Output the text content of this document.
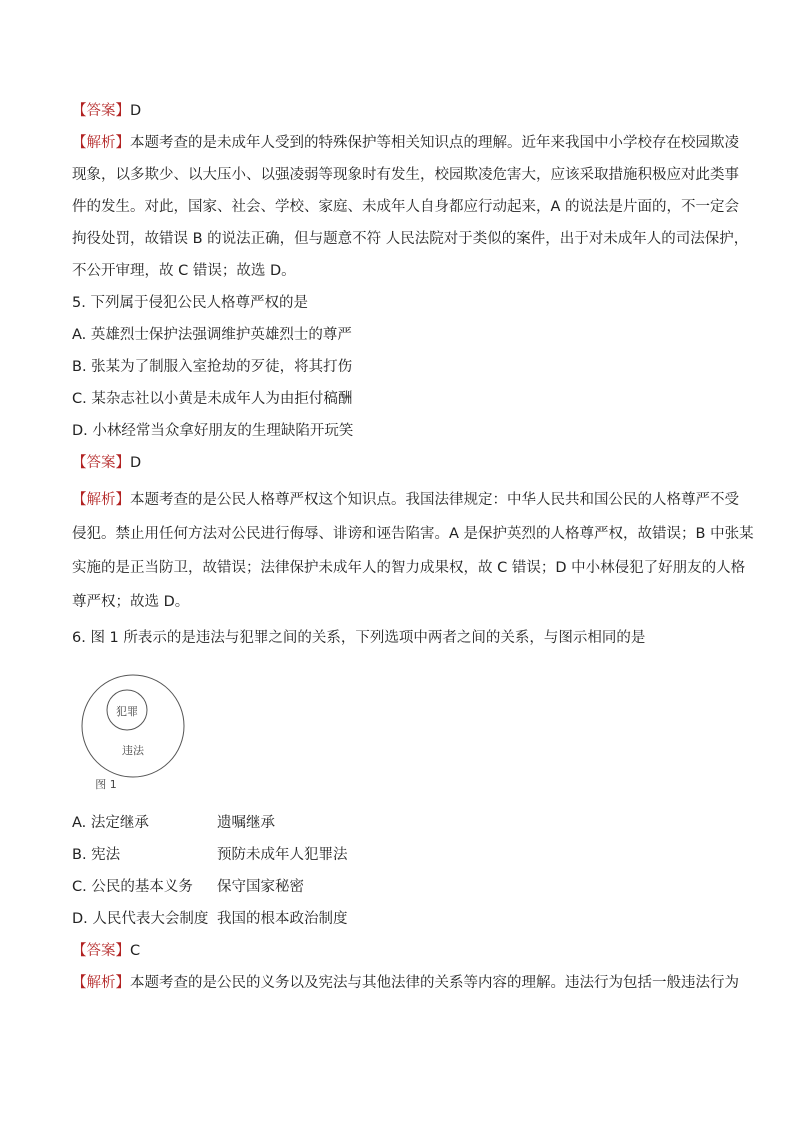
【答案】D
【解析】本题考查的是未成年人受到的特殊保护等相关知识点的理解。近年来我国中小学校存在校园欺凌
现象，以多欺少、以大压小、以强凌弱等现象时有发生，校园欺凌危害大，应该采取措施积极应对此类事
件的发生。对此，国家、社会、学校、家庭、未成年人自身都应行动起来，A 的说法是片面的，不一定会
拘役处罚，故错误 B 的说法正确，但与题意不符 人民法院对于类似的案件，出于对未成年人的司法保护，
不公开审理，故 C 错误；故选 D。
5. 下列属于侵犯公民人格尊严权的是
A. 英雄烈士保护法强调维护英雄烈士的尊严
B. 张某为了制服入室抢劫的歹徒，将其打伤
C. 某杂志社以小黄是未成年人为由拒付稿酬
D. 小林经常当众拿好朋友的生理缺陷开玩笑
【答案】D
【解析】本题考查的是公民人格尊严权这个知识点。我国法律规定：中华人民共和国公民的人格尊严不受
侵犯。禁止用任何方法对公民进行侮辱、诽谤和诬告陷害。A 是保护英烈的人格尊严权，故错误；B 中张某
实施的是正当防卫，故错误；法律保护未成年人的智力成果权，故 C 错误；D 中小林侵犯了好朋友的人格
尊严权；故选 D。
6. 图 1 所表示的是违法与犯罪之间的关系，下列选项中两者之间的关系，与图示相同的是
犯罪
违法
图 1
A. 法定继承	遗嘱继承
B. 宪法	预防未成年人犯罪法
C. 公民的基本义务 保守国家秘密
D. 人民代表大会制度 我国的根本政治制度
【答案】C
【解析】本题考查的是公民的义务以及宪法与其他法律的关系等内容的理解。违法行为包括一般违法行为
